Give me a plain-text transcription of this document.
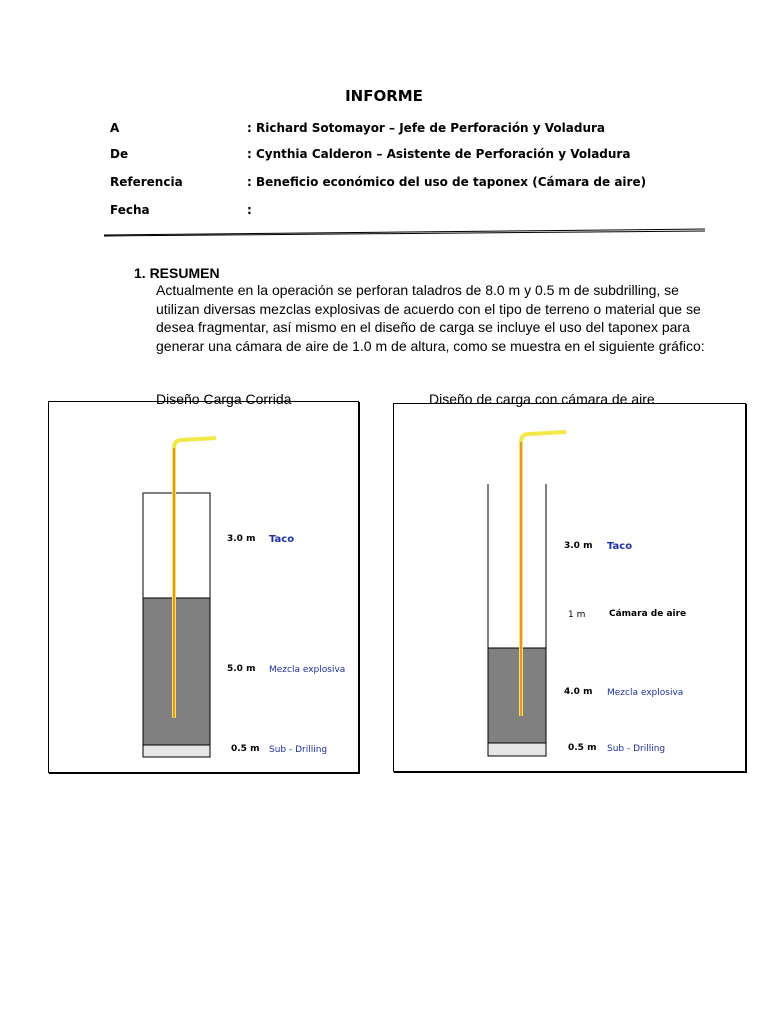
INFORME
A	: Richard Sotomayor – Jefe de Perforación y Voladura
De	: Cynthia Calderon – Asistente de Perforación y Voladura
Referencia	: Beneficio económico del uso de taponex (Cámara de aire)
Fecha	:
1. RESUMEN
Actualmente en la operación se perforan taladros de 8.0 m y 0.5 m de subdrilling, se
utilizan diversas mezclas explosivas de acuerdo con el tipo de terreno o material que se
desea fragmentar, así mismo en el diseño de carga se incluye el uso del taponex para
generar una cámara de aire de 1.0 m de altura, como se muestra en el siguiente gráfico:
Diseño Carga Corrida
3.0 m Taco
5.0 m Mezcla explosiva
0.5 m Sub - Drilling
Diseño de carga con cámara de aire
3.0 m Taco
1 m	Cámara de aire
4.0 m Mezcla explosiva
0.5 m Sub - Drilling
